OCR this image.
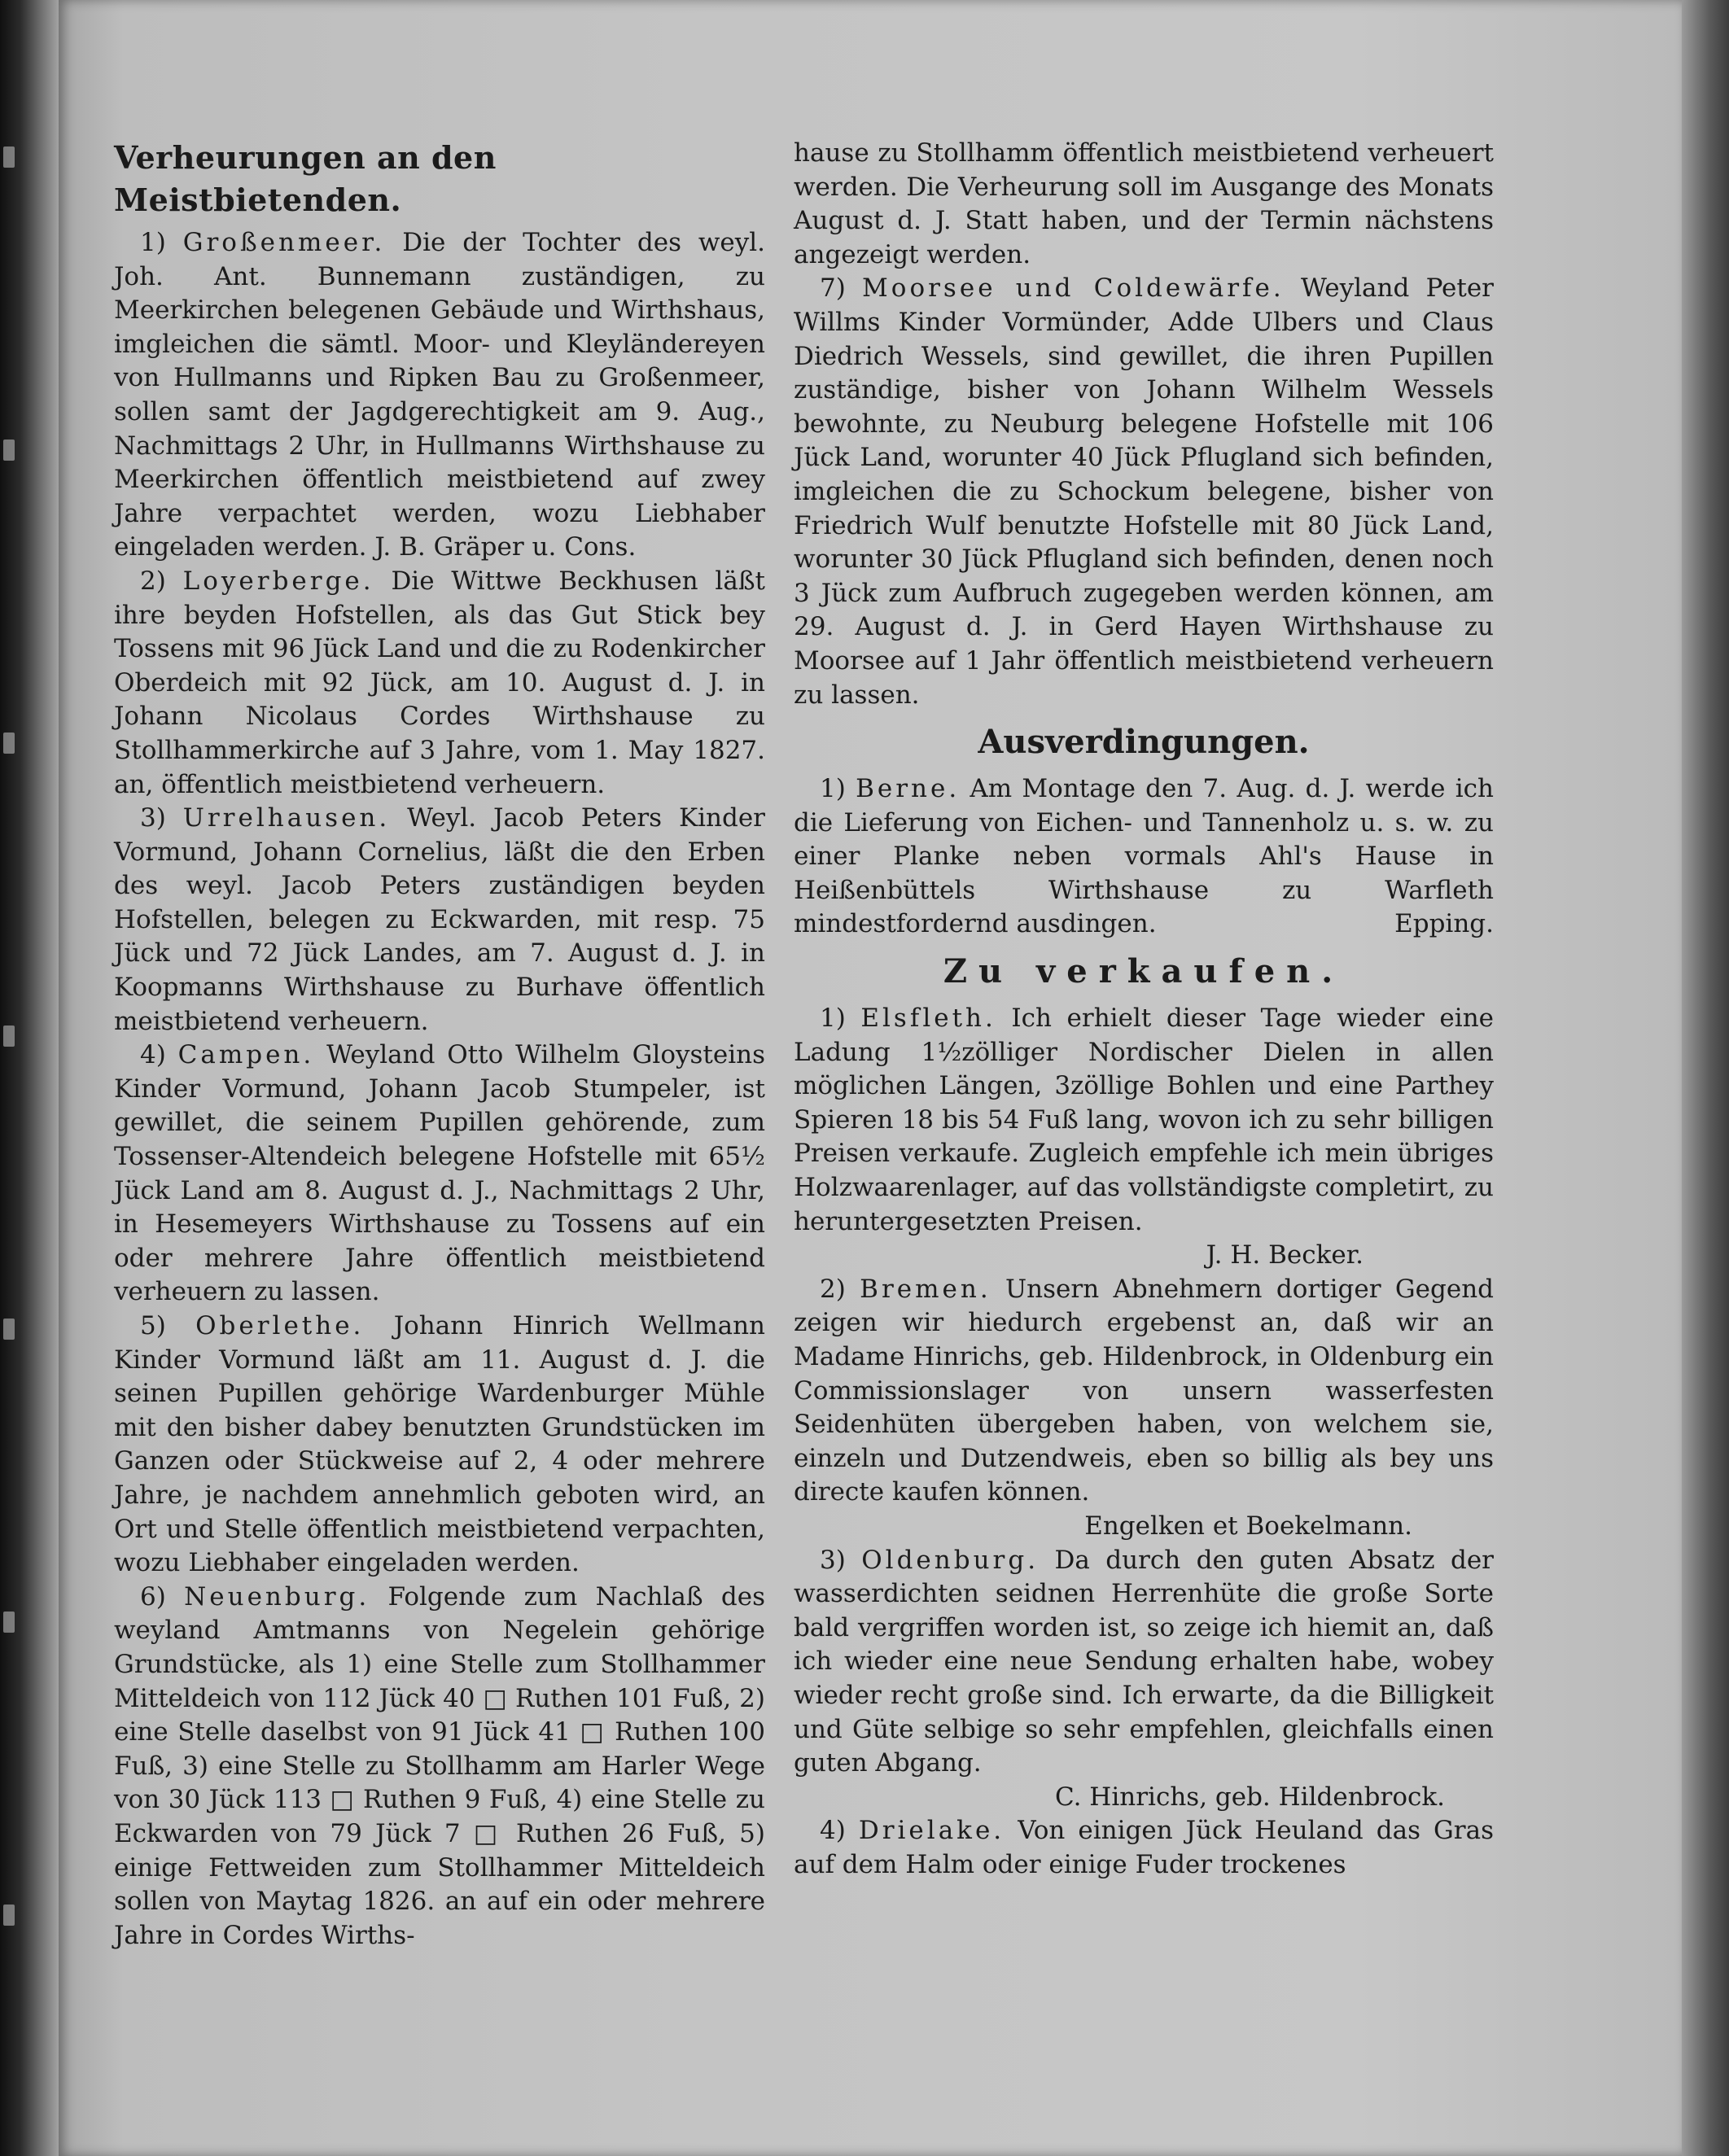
Verheurungen an den Meistbietenden.

1) Großenmeer. Die der Tochter des weyl. Joh. Ant. Bunnemann zuständigen, zu Meerkirchen belegenen Gebäude und Wirthshaus, imgleichen die sämtl. Moor- und Kleyländereyen von Hullmanns und Ripken Bau zu Großenmeer, sollen samt der Jagdgerechtigkeit am 9. Aug., Nachmittags 2 Uhr, in Hullmanns Wirthshause zu Meerkirchen öffentlich meistbietend auf zwey Jahre verpachtet werden, wozu Liebhaber eingeladen werden. J. B. Gräper u. Cons.

2) Loyerberge. Die Wittwe Beckhusen läßt ihre beyden Hofstellen, als das Gut Stick bey Tossens mit 96 Jück Land und die zu Rodenkircher Oberdeich mit 92 Jück, am 10. August d. J. in Johann Nicolaus Cordes Wirthshause zu Stollhammerkirche auf 3 Jahre, vom 1. May 1827. an, öffentlich meistbietend verheuern.

3) Urrelhausen. Weyl. Jacob Peters Kinder Vormund, Johann Cornelius, läßt die den Erben des weyl. Jacob Peters zuständigen beyden Hofstellen, belegen zu Eckwarden, mit resp. 75 Jück und 72 Jück Landes, am 7. August d. J. in Koopmanns Wirthshause zu Burhave öffentlich meistbietend verheuern.

4) Campen. Weyland Otto Wilhelm Gloysteins Kinder Vormund, Johann Jacob Stumpeler, ist gewillet, die seinem Pupillen gehörende, zum Tossenser-Altendeich belegene Hofstelle mit 65½ Jück Land am 8. August d. J., Nachmittags 2 Uhr, in Hesemeyers Wirthshause zu Tossens auf ein oder mehrere Jahre öffentlich meistbietend verheuern zu lassen.

5) Oberlethe. Johann Hinrich Wellmann Kinder Vormund läßt am 11. August d. J. die seinen Pupillen gehörige Wardenburger Mühle mit den bisher dabey benutzten Grundstücken im Ganzen oder Stückweise auf 2, 4 oder mehrere Jahre, je nachdem annehmlich geboten wird, an Ort und Stelle öffentlich meistbietend verpachten, wozu Liebhaber eingeladen werden.

6) Neuenburg. Folgende zum Nachlaß des weyland Amtmanns von Negelein gehörige Grundstücke, als 1) eine Stelle zum Stollhammer Mitteldeich von 112 Jück 40 □ Ruthen 101 Fuß, 2) eine Stelle daselbst von 91 Jück 41 □ Ruthen 100 Fuß, 3) eine Stelle zu Stollhamm am Harler Wege von 30 Jück 113 □ Ruthen 9 Fuß, 4) eine Stelle zu Eckwarden von 79 Jück 7 □ Ruthen 26 Fuß, 5) einige Fettweiden zum Stollhammer Mitteldeich sollen von Maytag 1826. an auf ein oder mehrere Jahre in Cordes Wirths-

hause zu Stollhamm öffentlich meistbietend verheuert werden. Die Verheurung soll im Ausgange des Monats August d. J. Statt haben, und der Termin nächstens angezeigt werden.

7) Moorsee und Coldewärfe. Weyland Peter Willms Kinder Vormünder, Adde Ulbers und Claus Diedrich Wessels, sind gewillet, die ihren Pupillen zuständige, bisher von Johann Wilhelm Wessels bewohnte, zu Neuburg belegene Hofstelle mit 106 Jück Land, worunter 40 Jück Pflugland sich befinden, imgleichen die zu Schockum belegene, bisher von Friedrich Wulf benutzte Hofstelle mit 80 Jück Land, worunter 30 Jück Pflugland sich befinden, denen noch 3 Jück zum Aufbruch zugegeben werden können, am 29. August d. J. in Gerd Hayen Wirthshause zu Moorsee auf 1 Jahr öffentlich meistbietend verheuern zu lassen.

Ausverdingungen.

1) Berne. Am Montage den 7. Aug. d. J. werde ich die Lieferung von Eichen- und Tannenholz u. s. w. zu einer Planke neben vormals Ahl's Hause in Heißenbüttels Wirthshause zu Warfleth mindestfordernd ausdingen.	Epping.

Zu verkaufen.

1) Elsfleth. Ich erhielt dieser Tage wieder eine Ladung 1½zölliger Nordischer Dielen in allen möglichen Längen, 3zöllige Bohlen und eine Parthey Spieren 18 bis 54 Fuß lang, wovon ich zu sehr billigen Preisen verkaufe. Zugleich empfehle ich mein übriges Holzwaarenlager, auf das vollständigste completirt, zu heruntergesetzten Preisen.

J. H. Becker.

2) Bremen. Unsern Abnehmern dortiger Gegend zeigen wir hiedurch ergebenst an, daß wir an Madame Hinrichs, geb. Hildenbrock, in Oldenburg ein Commissionslager von unsern wasserfesten Seidenhüten übergeben haben, von welchem sie, einzeln und Dutzendweis, eben so billig als bey uns directe kaufen können.

Engelken et Boekelmann.

3) Oldenburg. Da durch den guten Absatz der wasserdichten seidnen Herrenhüte die große Sorte bald vergriffen worden ist, so zeige ich hiemit an, daß ich wieder eine neue Sendung erhalten habe, wobey wieder recht große sind. Ich erwarte, da die Billigkeit und Güte selbige so sehr empfehlen, gleichfalls einen guten Abgang.

C. Hinrichs, geb. Hildenbrock.

4) Drielake. Von einigen Jück Heuland das Gras auf dem Halm oder einige Fuder trockenes
